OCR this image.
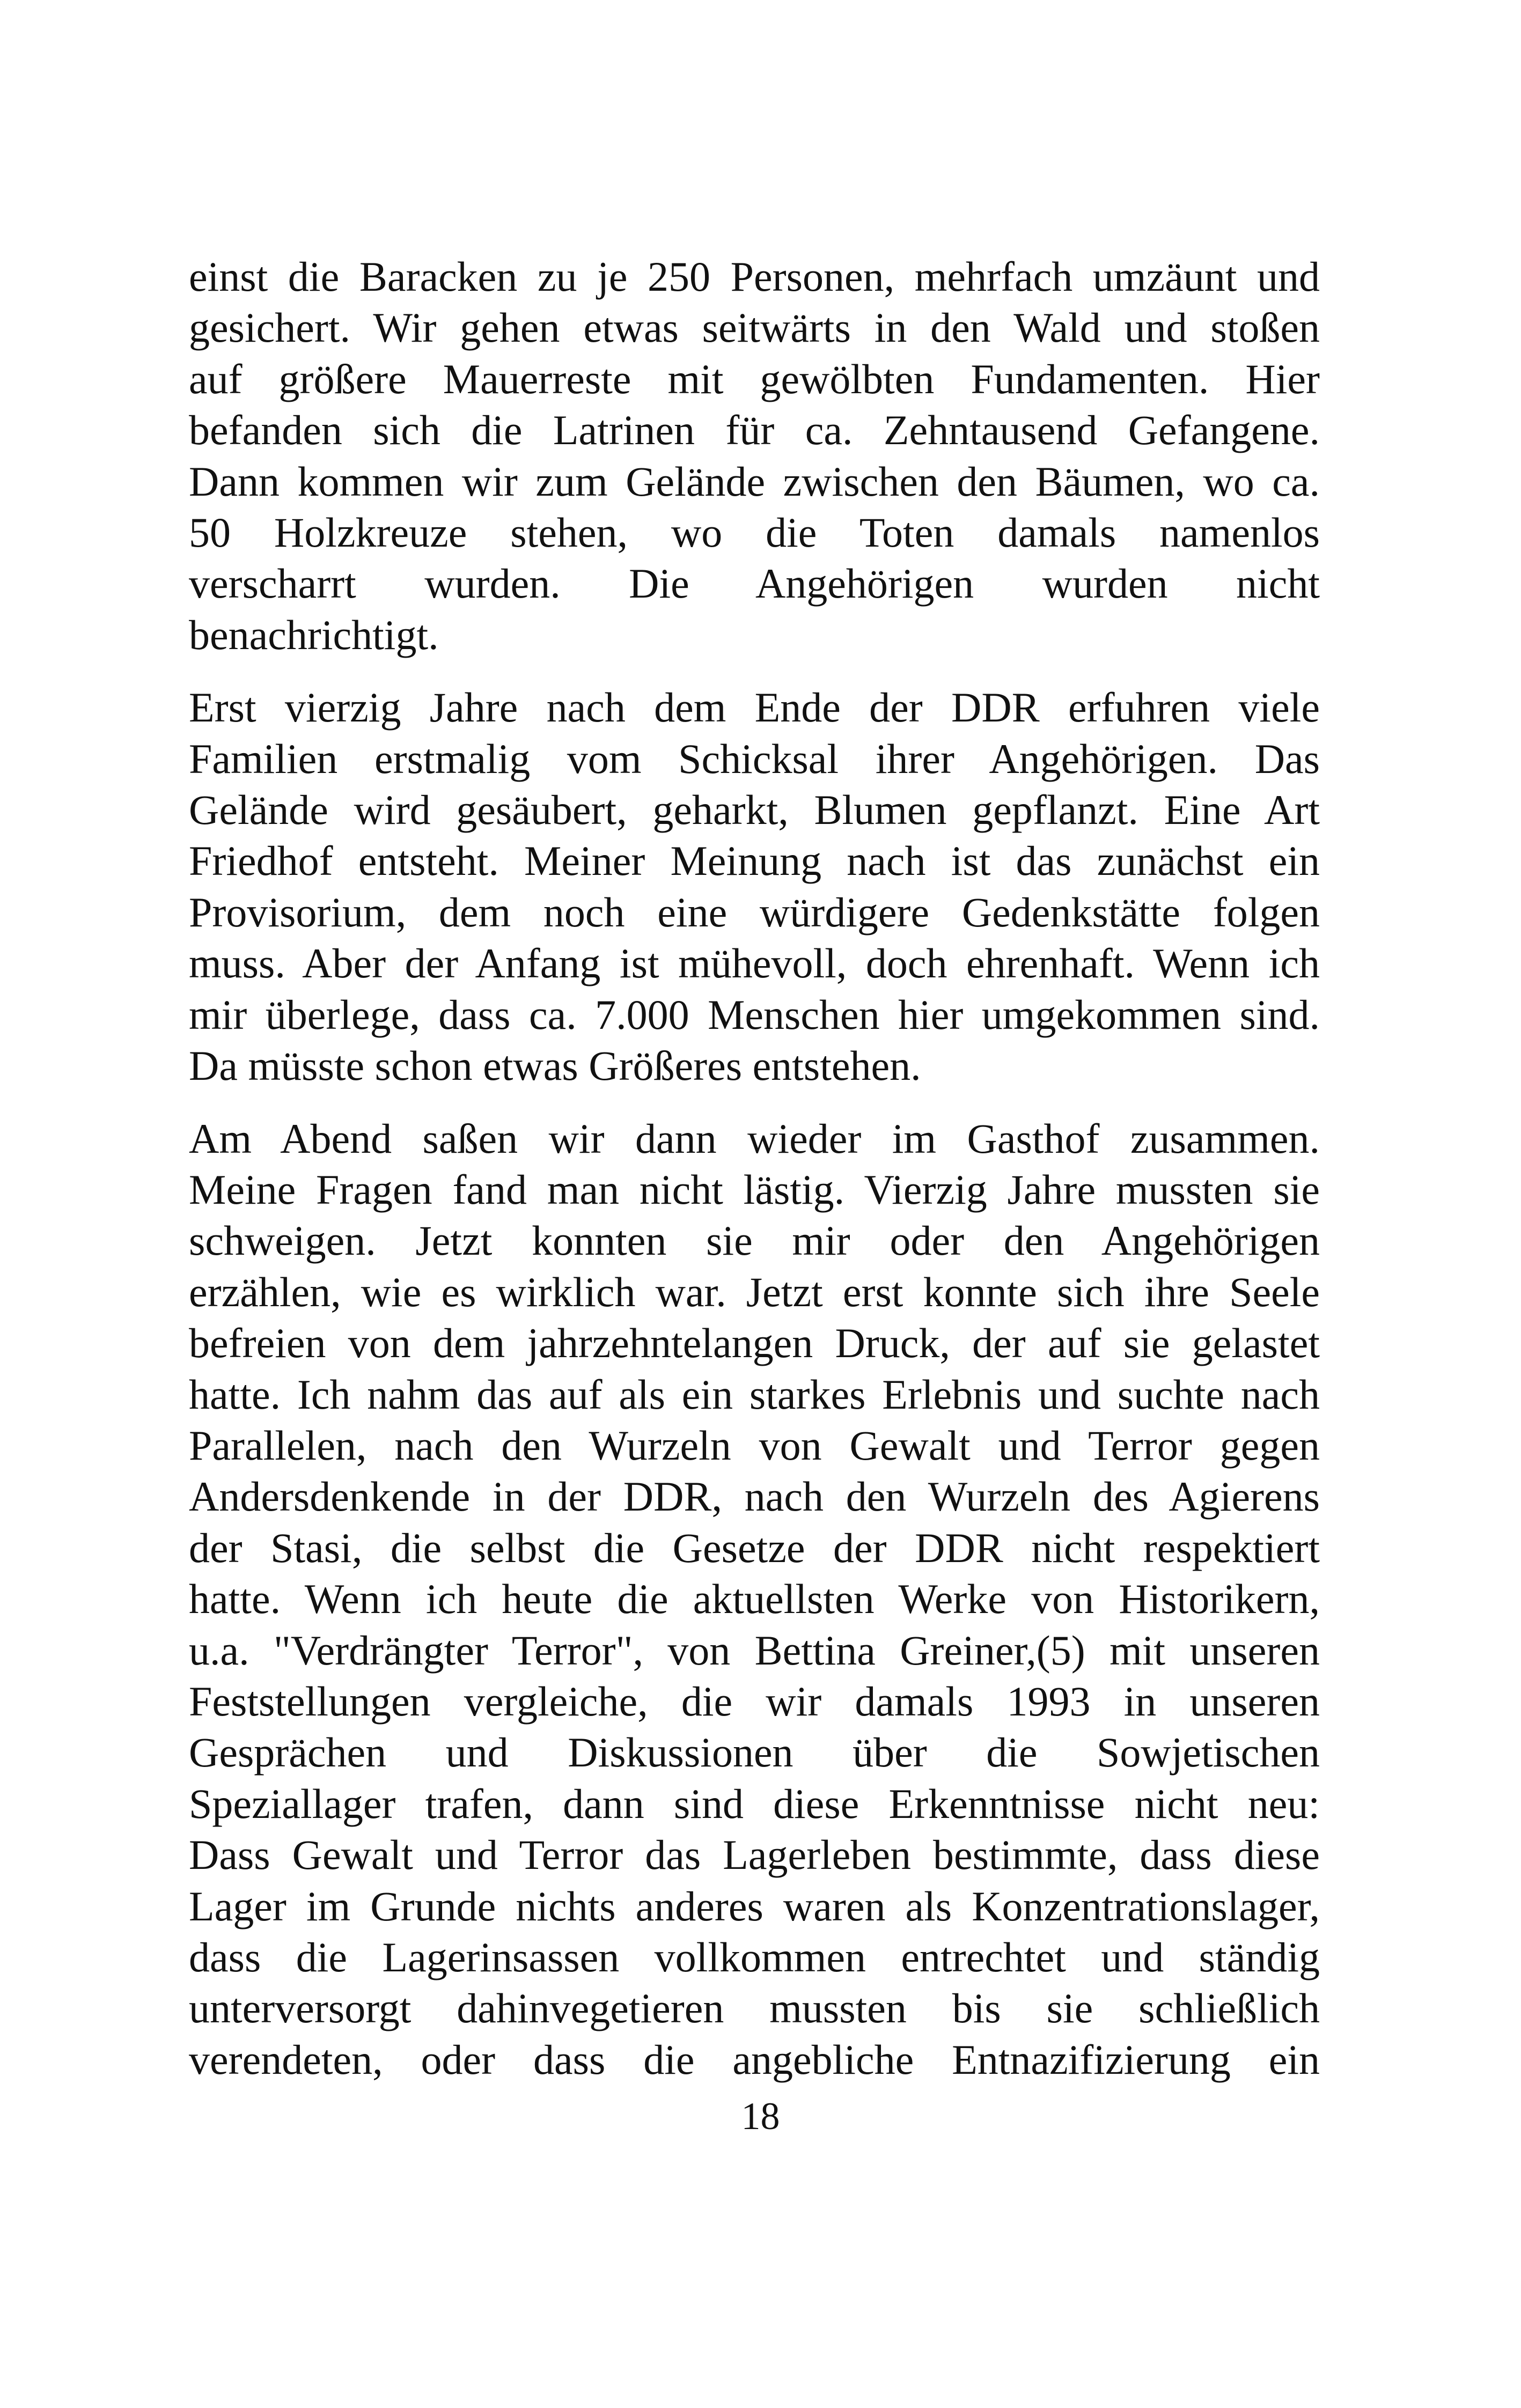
einst die Baracken zu je 250 Personen, mehrfach umzäunt und
gesichert. Wir gehen etwas seitwärts in den Wald und stoßen
auf größere Mauerreste mit gewölbten Fundamenten. Hier
befanden sich die Latrinen für ca. Zehntausend Gefangene.
Dann kommen wir zum Gelände zwischen den Bäumen, wo ca.
50 Holzkreuze stehen, wo die Toten damals namenlos
verscharrt wurden. Die Angehörigen wurden nicht
benachrichtigt.

Erst vierzig Jahre nach dem Ende der DDR erfuhren viele
Familien erstmalig vom Schicksal ihrer Angehörigen. Das
Gelände wird gesäubert, geharkt, Blumen gepflanzt. Eine Art
Friedhof entsteht. Meiner Meinung nach ist das zunächst ein
Provisorium, dem noch eine würdigere Gedenkstätte folgen
muss. Aber der Anfang ist mühevoll, doch ehrenhaft. Wenn ich
mir überlege, dass ca. 7.000 Menschen hier umgekommen sind.
Da müsste schon etwas Größeres entstehen.

Am Abend saßen wir dann wieder im Gasthof zusammen.
Meine Fragen fand man nicht lästig. Vierzig Jahre mussten sie
schweigen. Jetzt konnten sie mir oder den Angehörigen
erzählen, wie es wirklich war. Jetzt erst konnte sich ihre Seele
befreien von dem jahrzehntelangen Druck, der auf sie gelastet
hatte. Ich nahm das auf als ein starkes Erlebnis und suchte nach
Parallelen, nach den Wurzeln von Gewalt und Terror gegen
Andersdenkende in der DDR, nach den Wurzeln des Agierens
der Stasi, die selbst die Gesetze der DDR nicht respektiert
hatte. Wenn ich heute die aktuellsten Werke von Historikern,
u.a. "Verdrängter Terror", von Bettina Greiner,(5) mit unseren
Feststellungen vergleiche, die wir damals 1993 in unseren
Gesprächen und Diskussionen über die Sowjetischen
Speziallager trafen, dann sind diese Erkenntnisse nicht neu:
Dass Gewalt und Terror das Lagerleben bestimmte, dass diese
Lager im Grunde nichts anderes waren als Konzentrationslager,
dass die Lagerinsassen vollkommen entrechtet und ständig
unterversorgt dahinvegetieren mussten bis sie schließlich
verendeten, oder dass die angebliche Entnazifizierung ein

18
